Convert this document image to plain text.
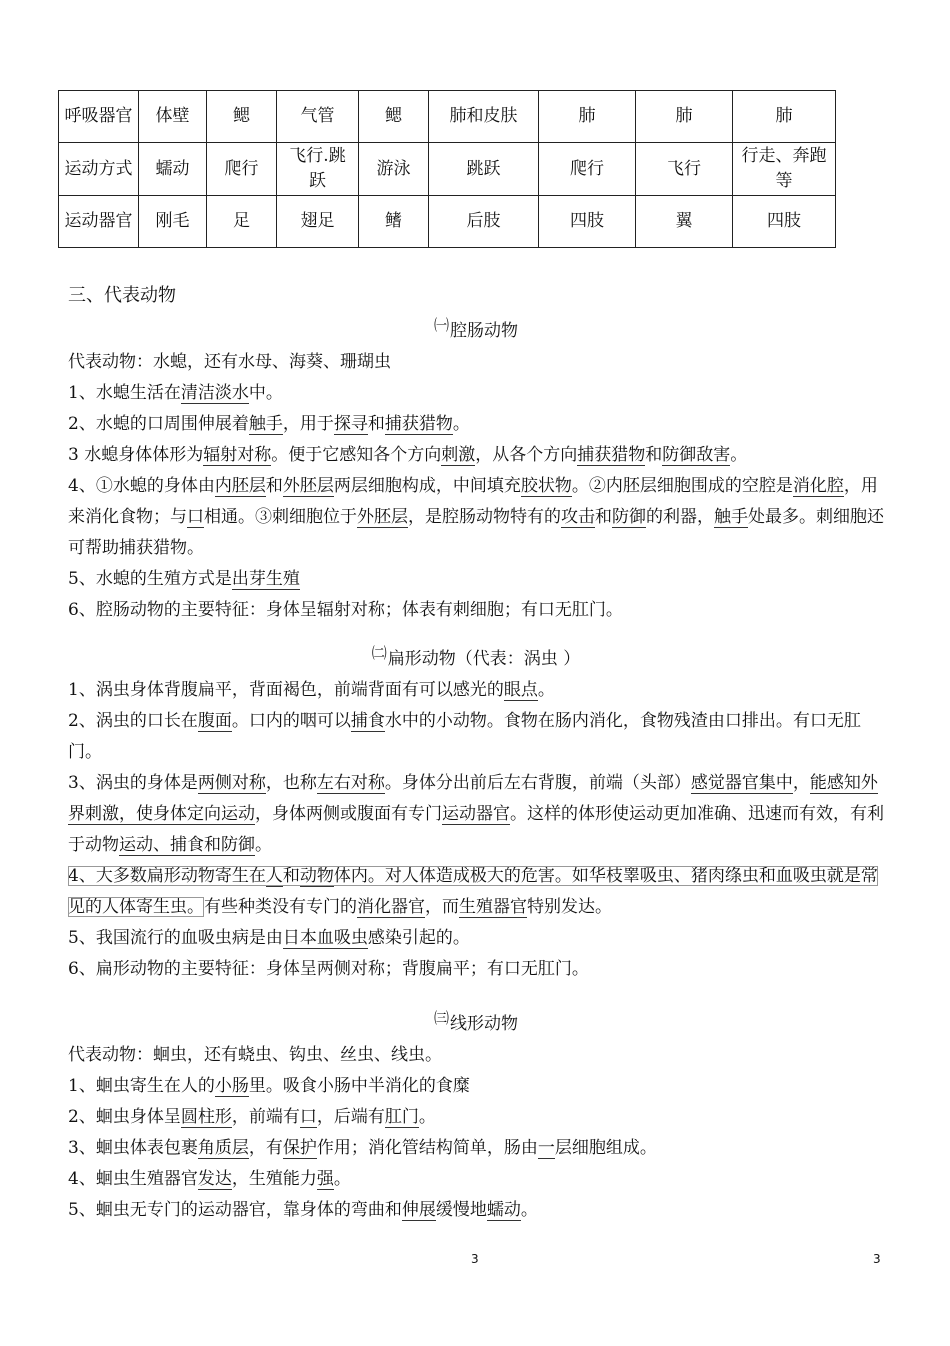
呼吸器官	体壁	鳃	气管	鳃	肺和皮肤	肺	肺	肺
运动方式	蠕动	爬行	飞行.跳跃	游泳	跳跃	爬行	飞行	行走、奔跑等
运动器官	刚毛	足	翅足	鳍	后肢	四肢	翼	四肢
三、代表动物

㈠腔肠动物

代表动物：水螅，还有水母、海葵、珊瑚虫

1、水螅生活在清洁淡水中。

2、水螅的口周围伸展着触手，用于探寻和捕获猎物。

3 水螅身体体形为辐射对称。便于它感知各个方向刺激，从各个方向捕获猎物和防御敌害。

4、①水螅的身体由内胚层和外胚层两层细胞构成，中间填充胶状物。②内胚层细胞围成的空腔是消化腔，用来消化食物；与口相通。③刺细胞位于外胚层，是腔肠动物特有的攻击和防御的利器，触手处最多。刺细胞还可帮助捕获猎物。

5、水螅的生殖方式是出芽生殖

6、腔肠动物的主要特征：身体呈辐射对称；体表有刺细胞；有口无肛门。

㈡扁形动物（代表：涡虫 ）

1、涡虫身体背腹扁平，背面褐色，前端背面有可以感光的眼点。

2、涡虫的口长在腹面。口内的咽可以捕食水中的小动物。食物在肠内消化，食物残渣由口排出。有口无肛门。

3、涡虫的身体是两侧对称，也称左右对称。身体分出前后左右背腹，前端（头部）感觉器官集中，能感知外界刺激，使身体定向运动，身体两侧或腹面有专门运动器官。这样的体形使运动更加准确、迅速而有效，有利于动物运动、捕食和防御。

4、大多数扁形动物寄生在人和动物体内。对人体造成极大的危害。如华枝睾吸虫、猪肉绦虫和血吸虫就是常见的人体寄生虫。有些种类没有专门的消化器官，而生殖器官特别发达。

5、我国流行的血吸虫病是由日本血吸虫感染引起的。

6、扁形动物的主要特征：身体呈两侧对称；背腹扁平；有口无肛门。

㈢线形动物

代表动物：蛔虫，还有蛲虫、钩虫、丝虫、线虫。

1、蛔虫寄生在人的小肠里。吸食小肠中半消化的食糜

2、蛔虫身体呈圆柱形，前端有口，后端有肛门。

3、蛔虫体表包裹角质层，有保护作用；消化管结构简单，肠由一层细胞组成。

4、蛔虫生殖器官发达，生殖能力强。

5、蛔虫无专门的运动器官，靠身体的弯曲和伸展缓慢地蠕动。

3	3
